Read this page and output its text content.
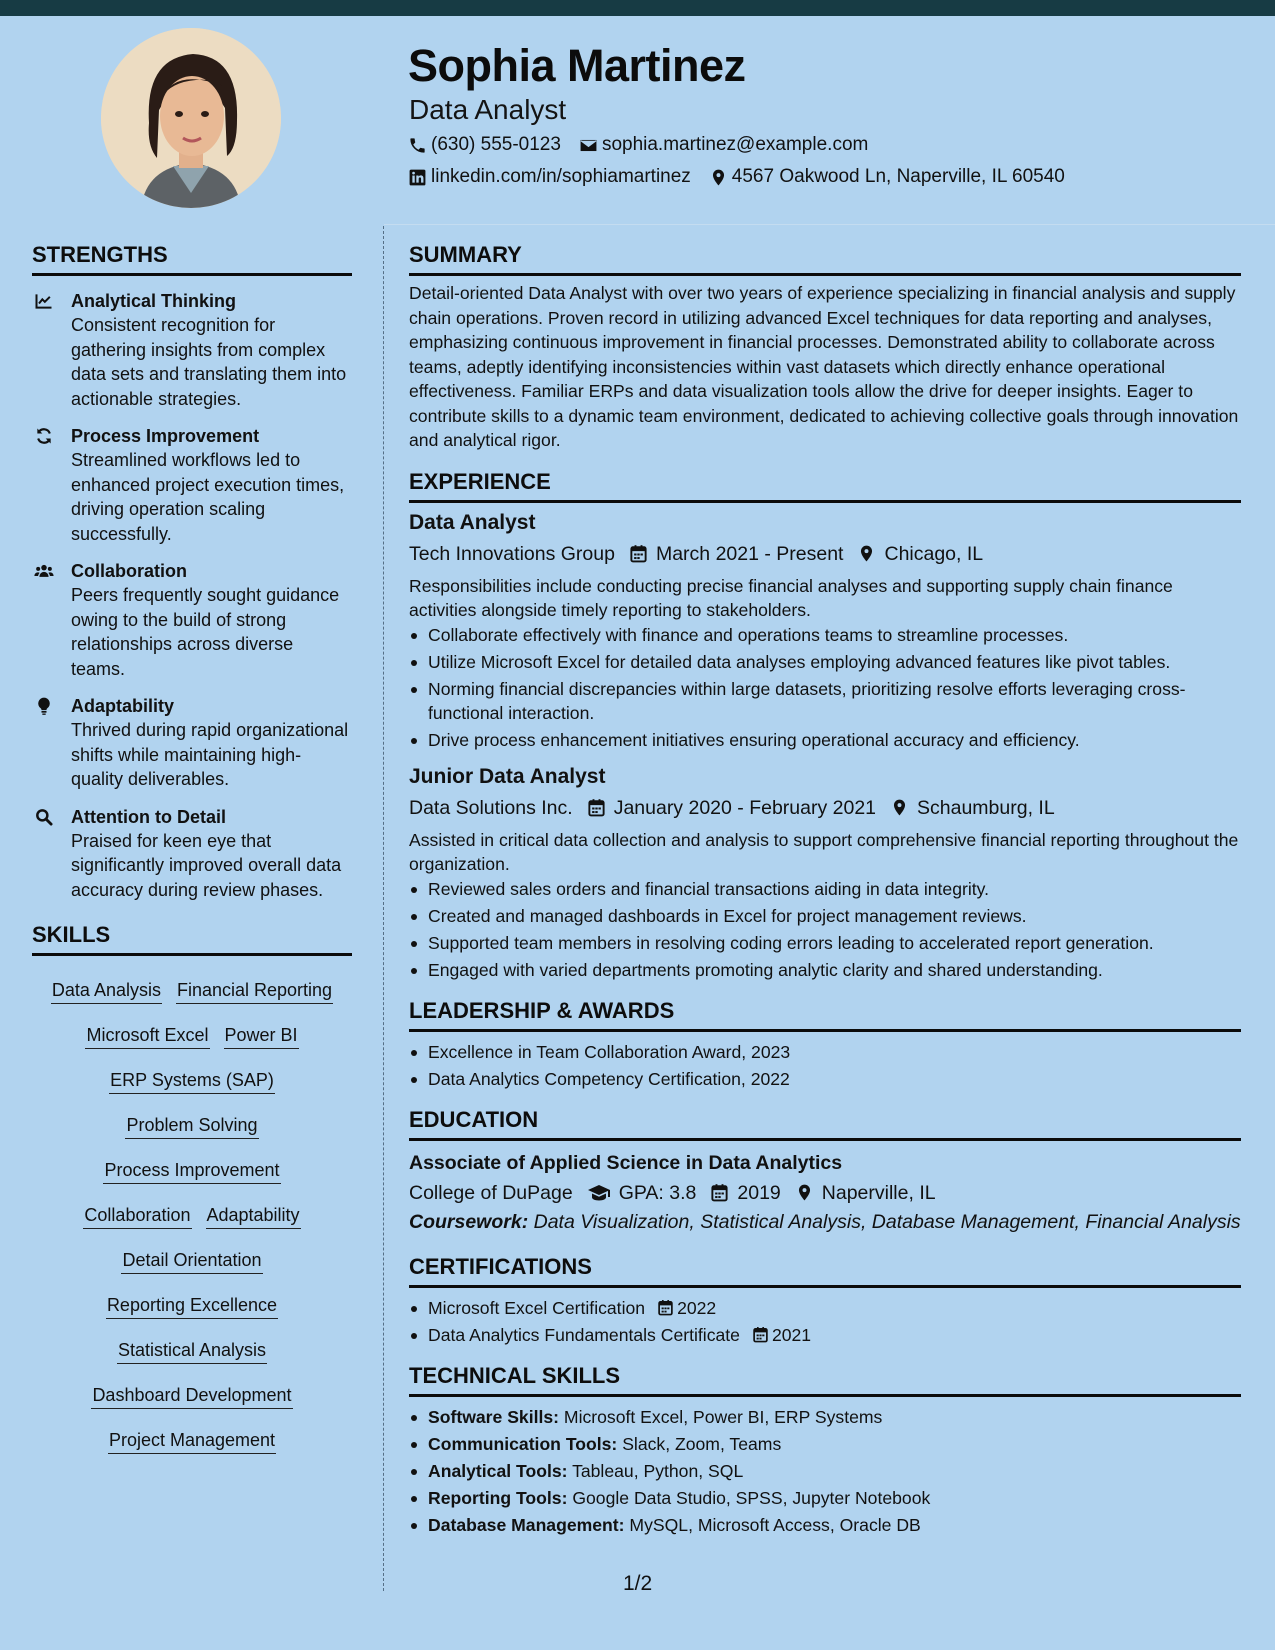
Sophia Martinez
Data Analyst
(630) 555-0123 sophia.martinez@example.com
linkedin.com/in/sophiamartinez 4567 Oakwood Ln, Naperville, IL 60540
STRENGTHS
Analytical Thinking
Consistent recognition for gathering insights from complex data sets and translating them into actionable strategies.
Process Improvement
Streamlined workflows led to enhanced project execution times, driving operation scaling successfully.
Collaboration
Peers frequently sought guidance owing to the build of strong relationships across diverse teams.
Adaptability
Thrived during rapid organizational shifts while maintaining high-quality deliverables.
Attention to Detail
Praised for keen eye that significantly improved overall data accuracy during review phases.
SKILLS
Data Analysis Financial Reporting
Microsoft Excel Power BI
ERP Systems (SAP)
Problem Solving
Process Improvement
Collaboration Adaptability
Detail Orientation
Reporting Excellence
Statistical Analysis
Dashboard Development
Project Management
SUMMARY
Detail-oriented Data Analyst with over two years of experience specializing in financial analysis and supply chain operations. Proven record in utilizing advanced Excel techniques for data reporting and analyses, emphasizing continuous improvement in financial processes. Demonstrated ability to collaborate across teams, adeptly identifying inconsistencies within vast datasets which directly enhance operational effectiveness. Familiar ERPs and data visualization tools allow the drive for deeper insights. Eager to contribute skills to a dynamic team environment, dedicated to achieving collective goals through innovation and analytical rigor.
EXPERIENCE
Data Analyst
Tech Innovations Group March 2021 - Present Chicago, IL
Responsibilities include conducting precise financial analyses and supporting supply chain finance activities alongside timely reporting to stakeholders.
Collaborate effectively with finance and operations teams to streamline processes.
Utilize Microsoft Excel for detailed data analyses employing advanced features like pivot tables.
Norming financial discrepancies within large datasets, prioritizing resolve efforts leveraging cross-functional interaction.
Drive process enhancement initiatives ensuring operational accuracy and efficiency.
Junior Data Analyst
Data Solutions Inc. January 2020 - February 2021 Schaumburg, IL
Assisted in critical data collection and analysis to support comprehensive financial reporting throughout the organization.
Reviewed sales orders and financial transactions aiding in data integrity.
Created and managed dashboards in Excel for project management reviews.
Supported team members in resolving coding errors leading to accelerated report generation.
Engaged with varied departments promoting analytic clarity and shared understanding.
LEADERSHIP & AWARDS
Excellence in Team Collaboration Award, 2023
Data Analytics Competency Certification, 2022
EDUCATION
Associate of Applied Science in Data Analytics
College of DuPage GPA: 3.8 2019 Naperville, IL
Coursework: Data Visualization, Statistical Analysis, Database Management, Financial Analysis
CERTIFICATIONS
Microsoft Excel Certification 2022
Data Analytics Fundamentals Certificate 2021
TECHNICAL SKILLS
Software Skills: Microsoft Excel, Power BI, ERP Systems
Communication Tools: Slack, Zoom, Teams
Analytical Tools: Tableau, Python, SQL
Reporting Tools: Google Data Studio, SPSS, Jupyter Notebook
Database Management: MySQL, Microsoft Access, Oracle DB
1/2
